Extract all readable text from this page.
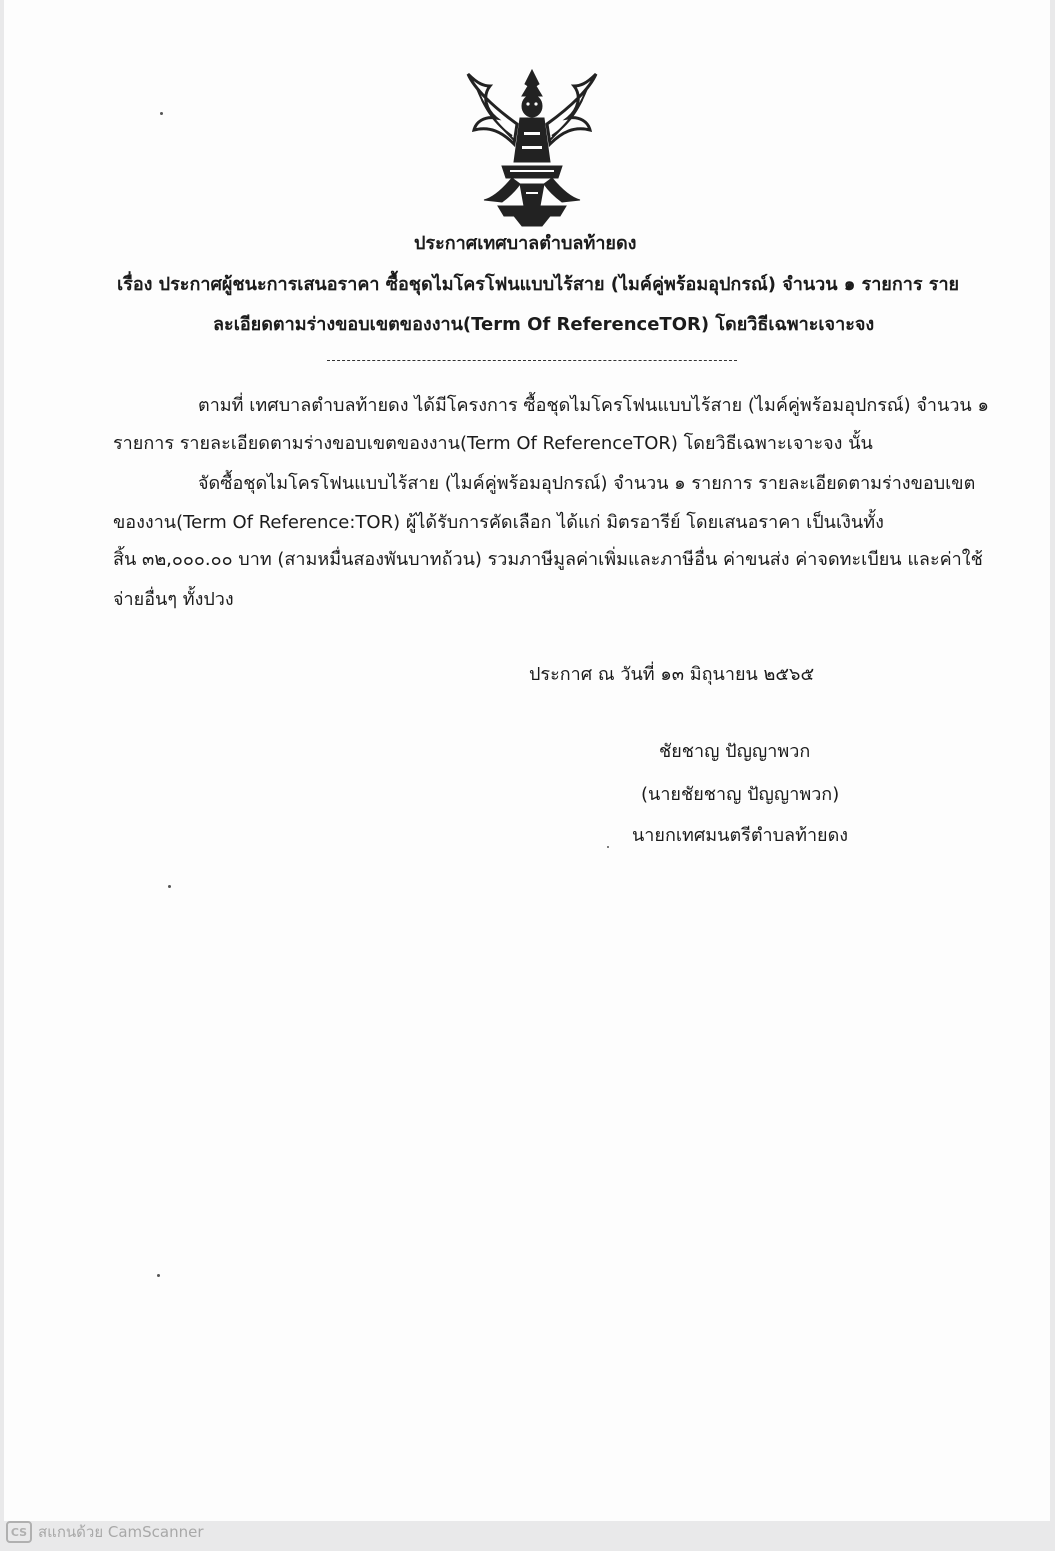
ประกาศเทศบาลตำบลท้ายดง
เรื่อง ประกาศผู้ชนะการเสนอราคา ซื้อชุดไมโครโฟนแบบไร้สาย (ไมค์คู่พร้อมอุปกรณ์) จำนวน ๑ รายการ ราย
ละเอียดตามร่างขอบเขตของงาน(Term Of ReferenceTOR) โดยวิธีเฉพาะเจาะจง
ตามที่ เทศบาลตำบลท้ายดง ได้มีโครงการ ซื้อชุดไมโครโฟนแบบไร้สาย (ไมค์คู่พร้อมอุปกรณ์) จำนวน ๑
รายการ รายละเอียดตามร่างขอบเขตของงาน(Term Of ReferenceTOR) โดยวิธีเฉพาะเจาะจง นั้น
จัดซื้อชุดไมโครโฟนแบบไร้สาย (ไมค์คู่พร้อมอุปกรณ์) จำนวน ๑ รายการ รายละเอียดตามร่างขอบเขต
ของงาน(Term Of Reference:TOR) ผู้ได้รับการคัดเลือก ได้แก่ มิตรอารีย์ โดยเสนอราคา เป็นเงินทั้ง
สิ้น ๓๒,๐๐๐.๐๐ บาท (สามหมื่นสองพันบาทถ้วน) รวมภาษีมูลค่าเพิ่มและภาษีอื่น ค่าขนส่ง ค่าจดทะเบียน และค่าใช้
จ่ายอื่นๆ ทั้งปวง
ประกาศ ณ วันที่ ๑๓ มิถุนายน ๒๕๖๕
ชัยชาญ ปัญญาพวก
(นายชัยชาญ ปัญญาพวก)
นายกเทศมนตรีตำบลท้ายดง
CS สแกนด้วย CamScanner
